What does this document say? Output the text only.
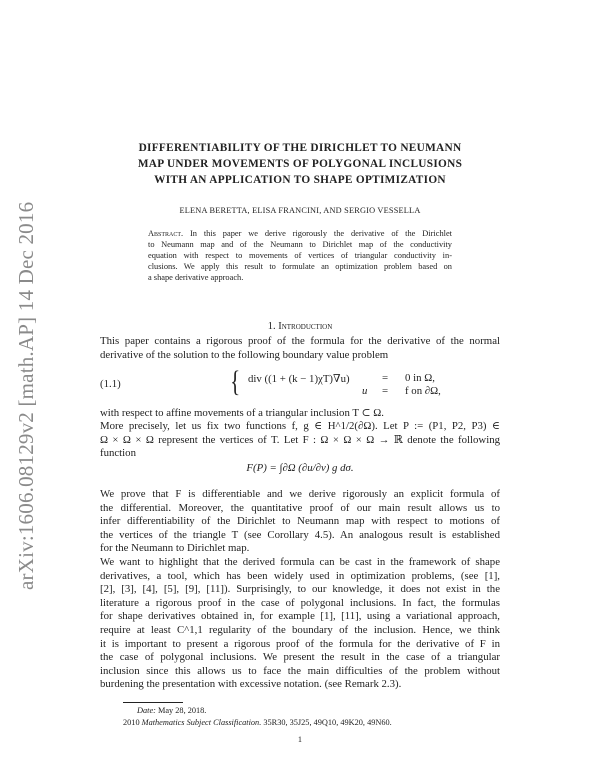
arXiv:1606.08129v2 [math.AP] 14 Dec 2016
DIFFERENTIABILITY OF THE DIRICHLET TO NEUMANN
MAP UNDER MOVEMENTS OF POLYGONAL INCLUSIONS
WITH AN APPLICATION TO SHAPE OPTIMIZATION
ELENA BERETTA, ELISA FRANCINI, AND SERGIO VESSELLA
Abstract. In this paper we derive rigorously the derivative of the Dirichlet
to Neumann map and of the Neumann to Dirichlet map of the conductivity
equation with respect to movements of vertices of triangular conductivity in-
clusions. We apply this result to formulate an optimization problem based on
a shape derivative approach.
1. Introduction
This paper contains a rigorous proof of the formula for the derivative of the normal
derivative of the solution to the following boundary value problem
(1.1)	{ div ((1 + (k − 1)χT)∇u)	= 0 in Ω,
u = f on ∂Ω,
with respect to affine movements of a triangular inclusion T ⊂ Ω.
More precisely, let us fix two functions f, g ∈ H^1/2(∂Ω). Let P := (P1, P2, P3) ∈
Ω × Ω × Ω represent the vertices of T. Let F : Ω × Ω × Ω → ℝ denote the following
function
F(P) = ∫∂Ω (∂u/∂ν) g dσ.
We prove that F is differentiable and we derive rigorously an explicit formula of
the differential. Moreover, the quantitative proof of our main result allows us to
infer differentiability of the Dirichlet to Neumann map with respect to motions of
the vertices of the triangle T (see Corollary 4.5). An analogous result is established
for the Neumann to Dirichlet map.
We want to highlight that the derived formula can be cast in the framework of shape
derivatives, a tool, which has been widely used in optimization problems, (see [1],
[2], [3], [4], [5], [9], [11]). Surprisingly, to our knowledge, it does not exist in the
literature a rigorous proof in the case of polygonal inclusions. In fact, the formulas
for shape derivatives obtained in, for example [1], [11], using a variational approach,
require at least C^1,1 regularity of the boundary of the inclusion. Hence, we think
it is important to present a rigorous proof of the formula for the derivative of F in
the case of polygonal inclusions. We present the result in the case of a triangular
inclusion since this allows us to face the main difficulties of the problem without
burdening the presentation with excessive notation. (see Remark 2.3).
Date: May 28, 2018.
2010 Mathematics Subject Classification. 35R30, 35J25, 49Q10, 49K20, 49N60.
1
